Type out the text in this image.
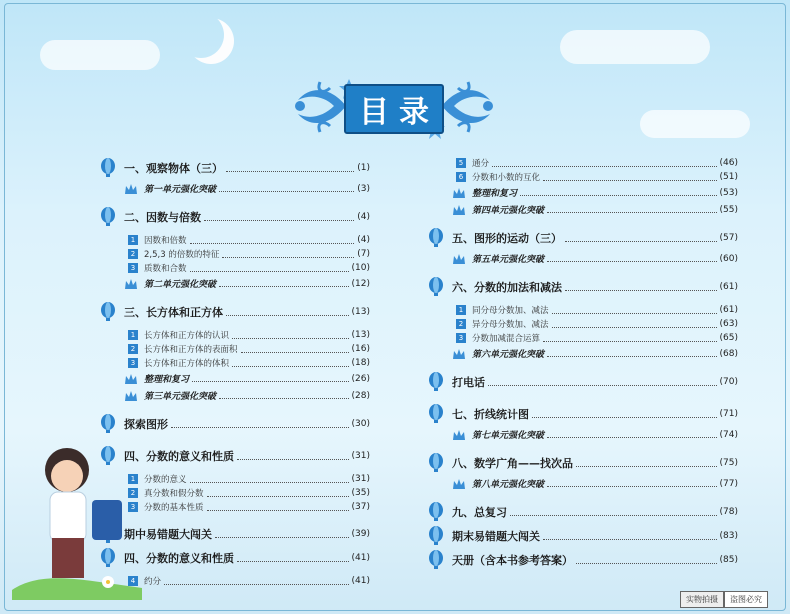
目录
一、观察物体（三）	(1)
第一单元强化突破	(3)
二、因数与倍数	(4)
1	因数和倍数	(4)
2	2,5,3 的倍数的特征	(7)
3	质数和合数	(10)
第二单元强化突破	(12)
三、长方体和正方体	(13)
1	长方体和正方体的认识	(13)
2	长方体和正方体的表面积	(16)
3	长方体和正方体的体积	(18)
整理和复习	(26)
第三单元强化突破	(28)
探索图形	(30)
四、分数的意义和性质	(31)
1	分数的意义	(31)
2	真分数和假分数	(35)
3	分数的基本性质	(37)
期中易错题大闯关	(39)
四、分数的意义和性质	(41)
4	约分	(41)
5	通分	(46)
6	分数和小数的互化	(51)
整理和复习	(53)
第四单元强化突破	(55)
五、图形的运动（三）	(57)
第五单元强化突破	(60)
六、分数的加法和减法	(61)
1	同分母分数加、减法	(61)
2	异分母分数加、减法	(63)
3	分数加减混合运算	(65)
第六单元强化突破	(68)
打电话	(70)
七、折线统计图	(71)
第七单元强化突破	(74)
八、数学广角——找次品	(75)
第八单元强化突破	(77)
九、总复习	(78)
期末易错题大闯关	(83)
天册（含本书参考答案）	(85)
实物拍摄	盗图必究
